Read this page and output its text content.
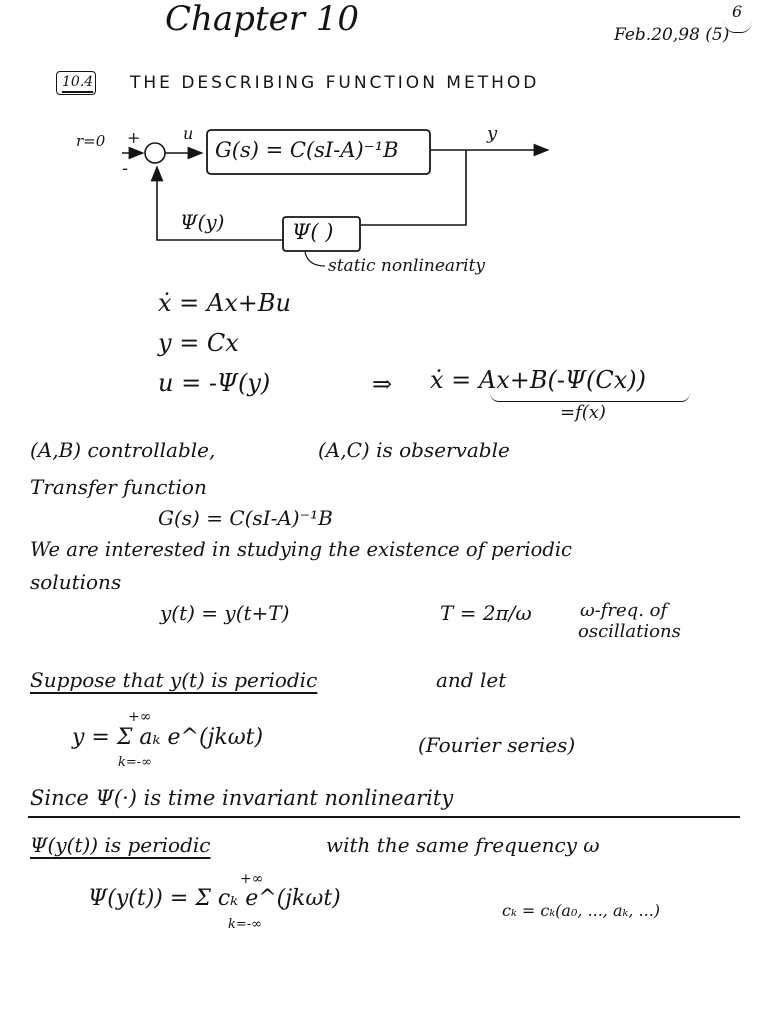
Chapter 10	6
Feb.20,98 (5)
10.4 THE DESCRIBING FUNCTION METHOD
r=0 +
-
u
G(s) = C(sI-A)⁻¹B
y
Ψ(y)	Ψ( )
static nonlinearity
ẋ = Ax+Bu
y = Cx
u = -Ψ(y)	⇒ ẋ = Ax+B(-Ψ(Cx))
=f(x)
(A,B) controllable,	(A,C) is observable
Transfer function
G(s) = C(sI-A)⁻¹B
We are interested in studying the existence of periodic
solutions
y(t) = y(t+T)	T = 2π/ω	ω-freq. of
oscillations
Suppose that y(t) is periodic	and let
+∞
y = Σ aₖ e^(jkωt)
k=-∞
(Fourier series)
Since Ψ(·) is time invariant nonlinearity
Ψ(y(t)) is periodic	with the same frequency ω
+∞
Ψ(y(t)) = Σ cₖ e^(jkωt)
k=-∞
cₖ = cₖ(a₀, ..., aₖ, ...)
